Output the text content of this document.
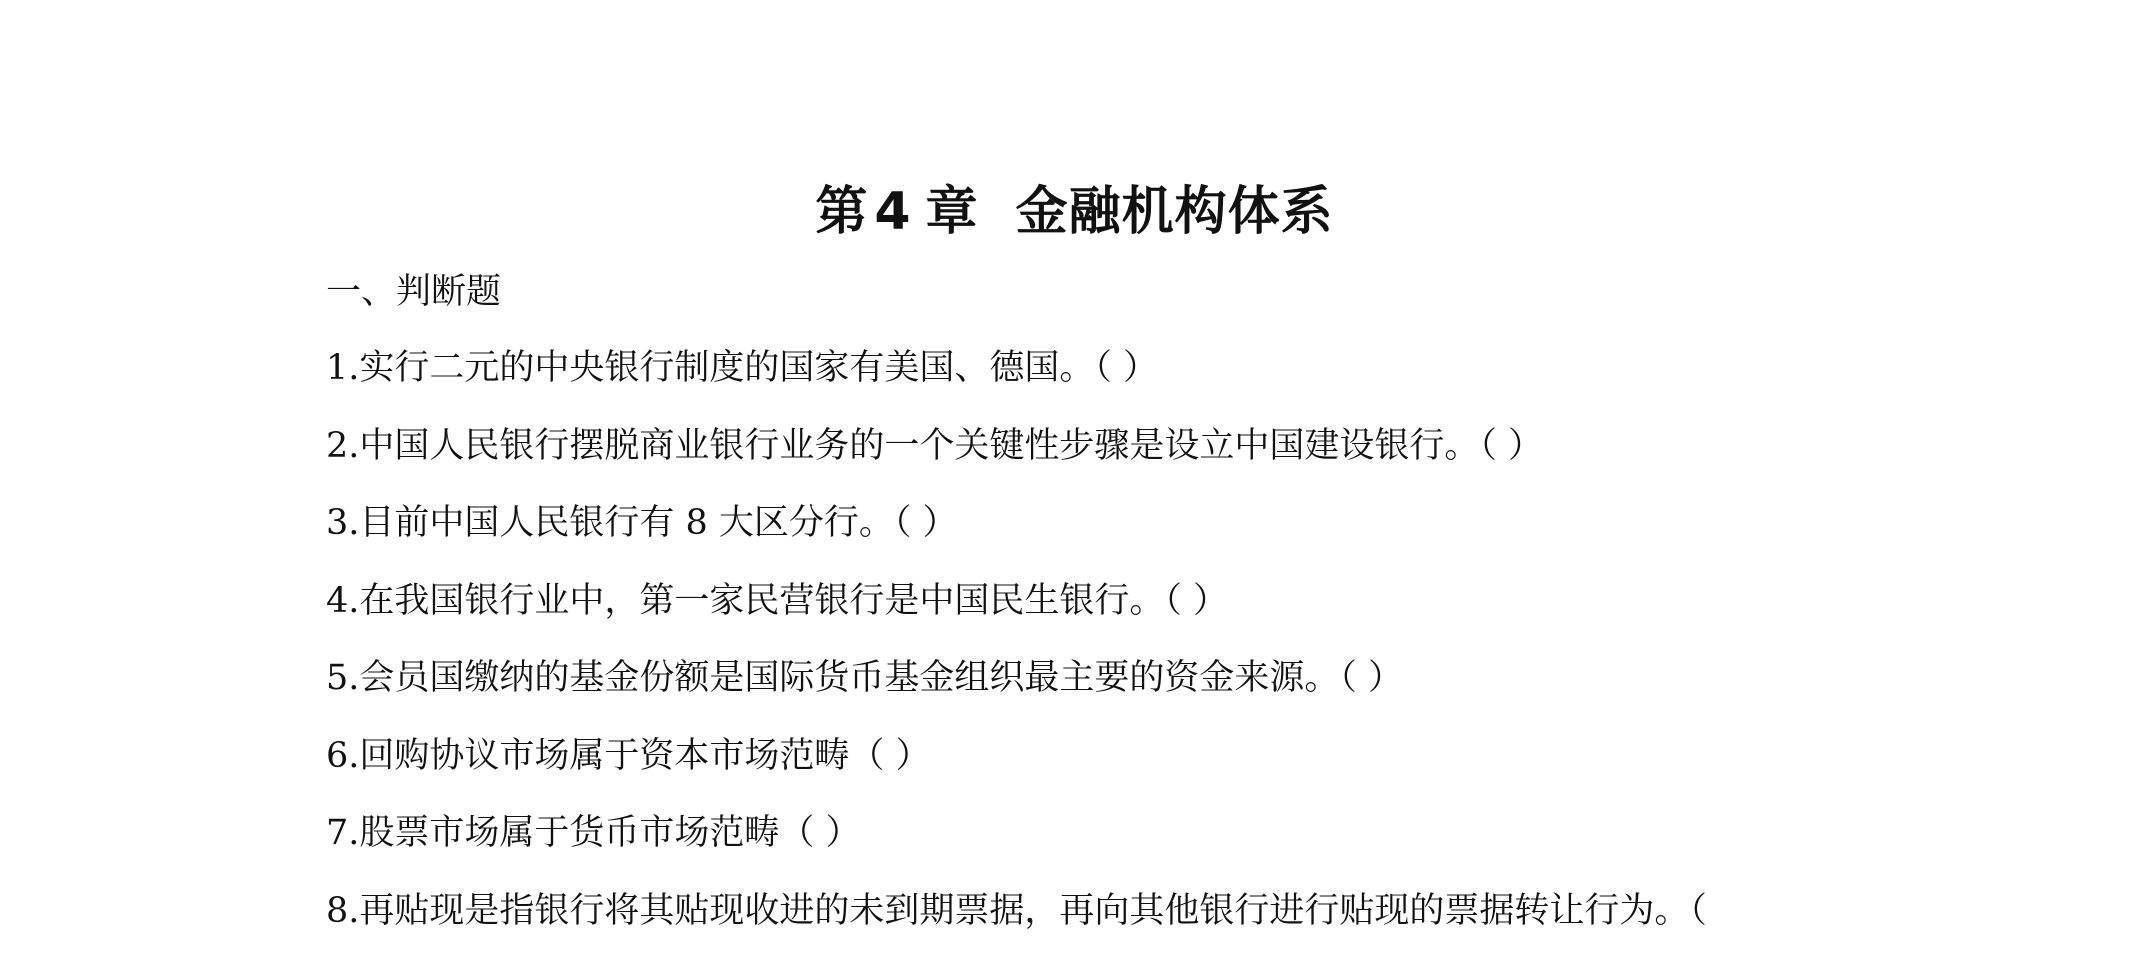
第 4 章 金融机构体系
一、判断题
1.实行二元的中央银行制度的国家有美国、德国。（ ）
2.中国人民银行摆脱商业银行业务的一个关键性步骤是设立中国建设银行。（ ）
3.目前中国人民银行有 8 大区分行。（ ）
4.在我国银行业中，第一家民营银行是中国民生银行。（ ）
5.会员国缴纳的基金份额是国际货币基金组织最主要的资金来源。（ ）
6.回购协议市场属于资本市场范畴（ ）
7.股票市场属于货币市场范畴（ ）
8.再贴现是指银行将其贴现收进的未到期票据，再向其他银行进行贴现的票据转让行为。（
